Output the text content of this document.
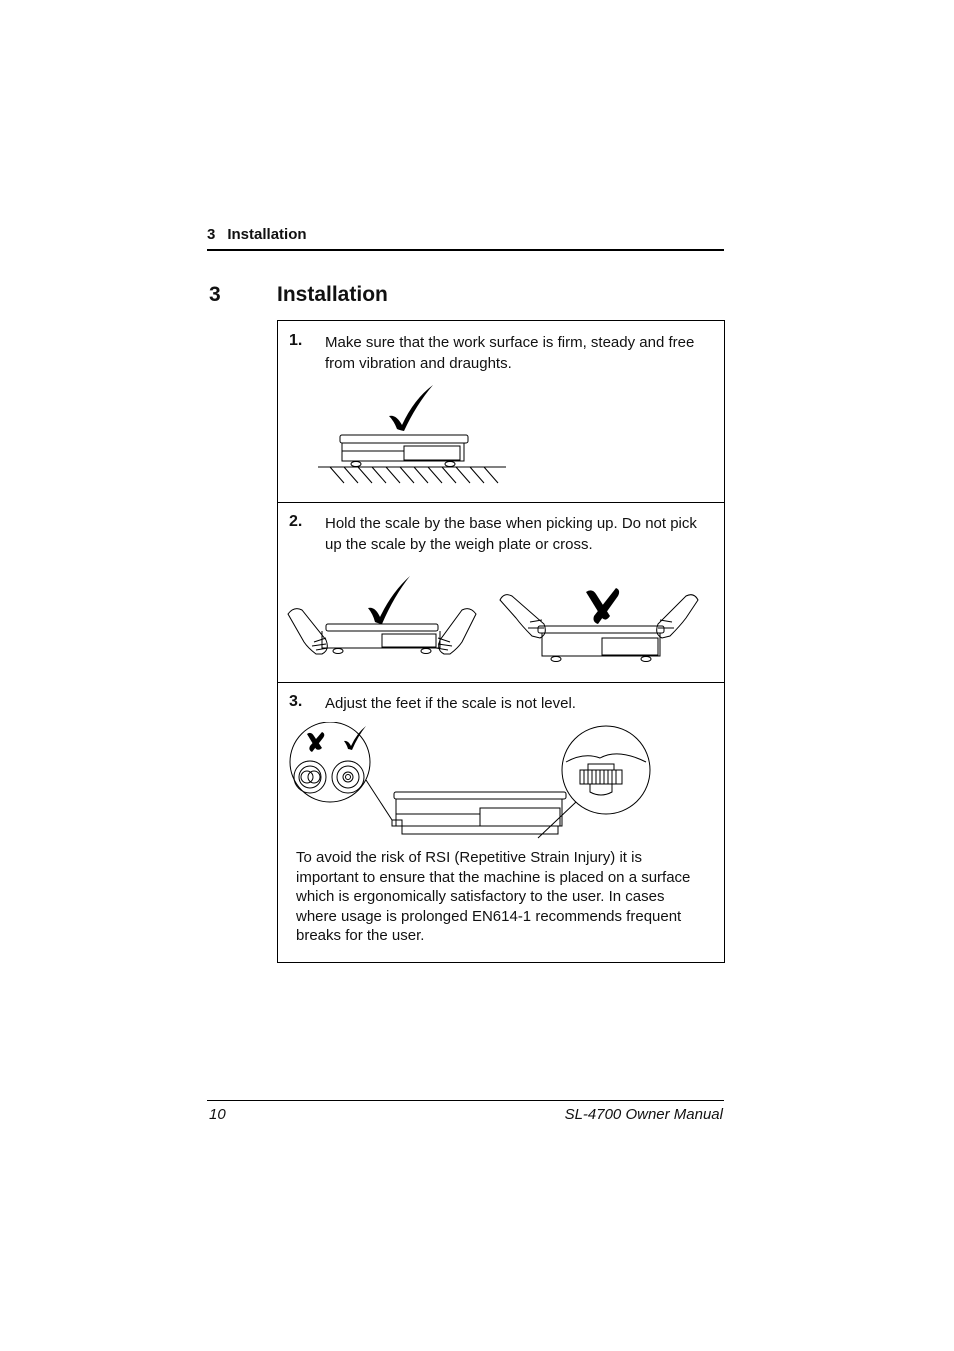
3 Installation
3	Installation
1. Make sure that the work surface is firm, steady and free from vibration and draughts.
2. Hold the scale by the base when picking up. Do not pick up the scale by the weigh plate or cross.
3. Adjust the feet if the scale is not level.
To avoid the risk of RSI (Repetitive Strain Injury) it is important to ensure that the machine is placed on a surface which is ergonomically satisfactory to the user. In cases where usage is prolonged EN614-1 recommends frequent breaks for the user.
10	SL-4700 Owner Manual
